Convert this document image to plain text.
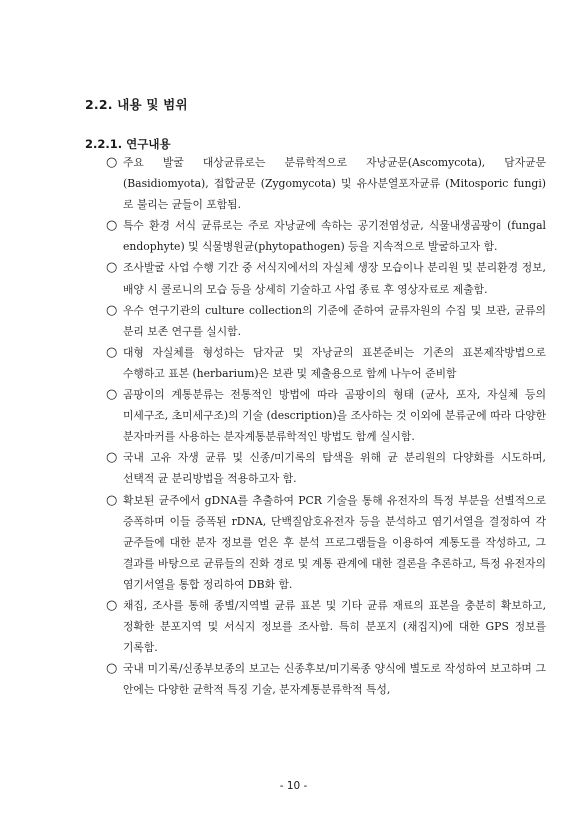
2.2. 내용 및 범위
2.2.1. 연구내용
○ 주요 발굴 대상균류로는 분류학적으로 자낭균문(Ascomycota), 담자균문(Basidiomyota), 접합균문 (Zygomycota) 및 유사분열포자균류 (Mitosporic fungi)로 불리는 균들이 포함됨.
○ 특수 환경 서식 균류로는 주로 자낭균에 속하는 공기전염성균, 식물내생곰팡이 (fungal endophyte) 및 식물병원균(phytopathogen) 등을 지속적으로 발굴하고자 함.
○ 조사발굴 사업 수행 기간 중 서식지에서의 자실체 생장 모습이나 분리원 및 분리환경 정보, 배양 시 콜로니의 모습 등을 상세히 기술하고 사업 종료 후 영상자료로 제출함.
○ 우수 연구기관의 culture collection의 기준에 준하여 균류자원의 수집 및 보관, 균류의 분리 보존 연구를 실시함.
○ 대형 자실체를 형성하는 담자균 및 자낭균의 표본준비는 기존의 표본제작방법으로 수행하고 표본 (herbarium)은 보관 및 제출용으로 함께 나누어 준비함
○ 곰팡이의 계통분류는 전통적인 방법에 따라 곰팡이의 형태 (균사, 포자, 자실체 등의 미세구조, 초미세구조)의 기술 (description)을 조사하는 것 이외에 분류군에 따라 다양한 분자마커를 사용하는 분자계통분류학적인 방법도 함께 실시함.
○ 국내 고유 자생 균류 및 신종/미기록의 탐색을 위해 균 분리원의 다양화를 시도하며, 선택적 균 분리방법을 적용하고자 함.
○ 확보된 균주에서 gDNA를 추출하여 PCR 기술을 통해 유전자의 특정 부분을 선별적으로 증폭하며 이들 증폭된 rDNA, 단백질암호유전자 등을 분석하고 염기서열을 결정하여 각 균주들에 대한 분자 정보를 얻은 후 분석 프로그램들을 이용하여 계통도를 작성하고, 그 결과를 바탕으로 균류들의 진화 경로 및 계통 관계에 대한 결론을 추론하고, 특정 유전자의 염기서열을 통합 정리하여 DB화 함.
○ 채집, 조사를 통해 종별/지역별 균류 표본 및 기타 균류 재료의 표본을 충분히 확보하고, 정확한 분포지역 및 서식지 정보를 조사함. 특히 분포지 (채집지)에 대한 GPS 정보를 기록함.
○ 국내 미기록/신종부보종의 보고는 신종후보/미기록종 양식에 별도로 작성하여 보고하며 그 안에는 다양한 균학적 특징 기술, 분자계통분류학적 특성,
- 10 -
